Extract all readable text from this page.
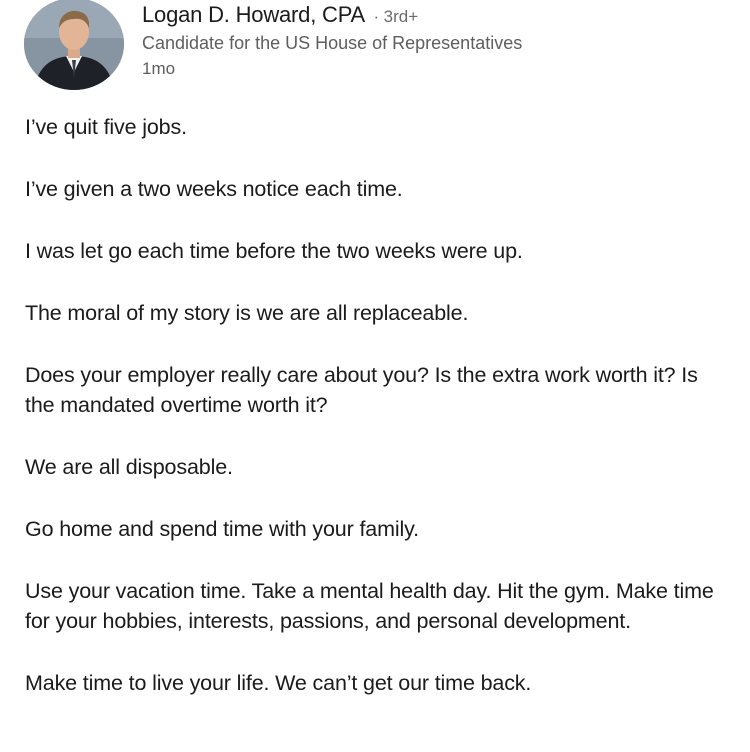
Logan D. Howard, CPA · 3rd+
Candidate for the US House of Representatives
1mo

I’ve quit five jobs.

I’ve given a two weeks notice each time.

I was let go each time before the two weeks were up.

The moral of my story is we are all replaceable.

Does your employer really care about you? Is the extra work worth it? Is the mandated overtime worth it?

We are all disposable.

Go home and spend time with your family.

Use your vacation time. Take a mental health day. Hit the gym. Make time for your hobbies, interests, passions, and personal development.

Make time to live your life. We can’t get our time back.
